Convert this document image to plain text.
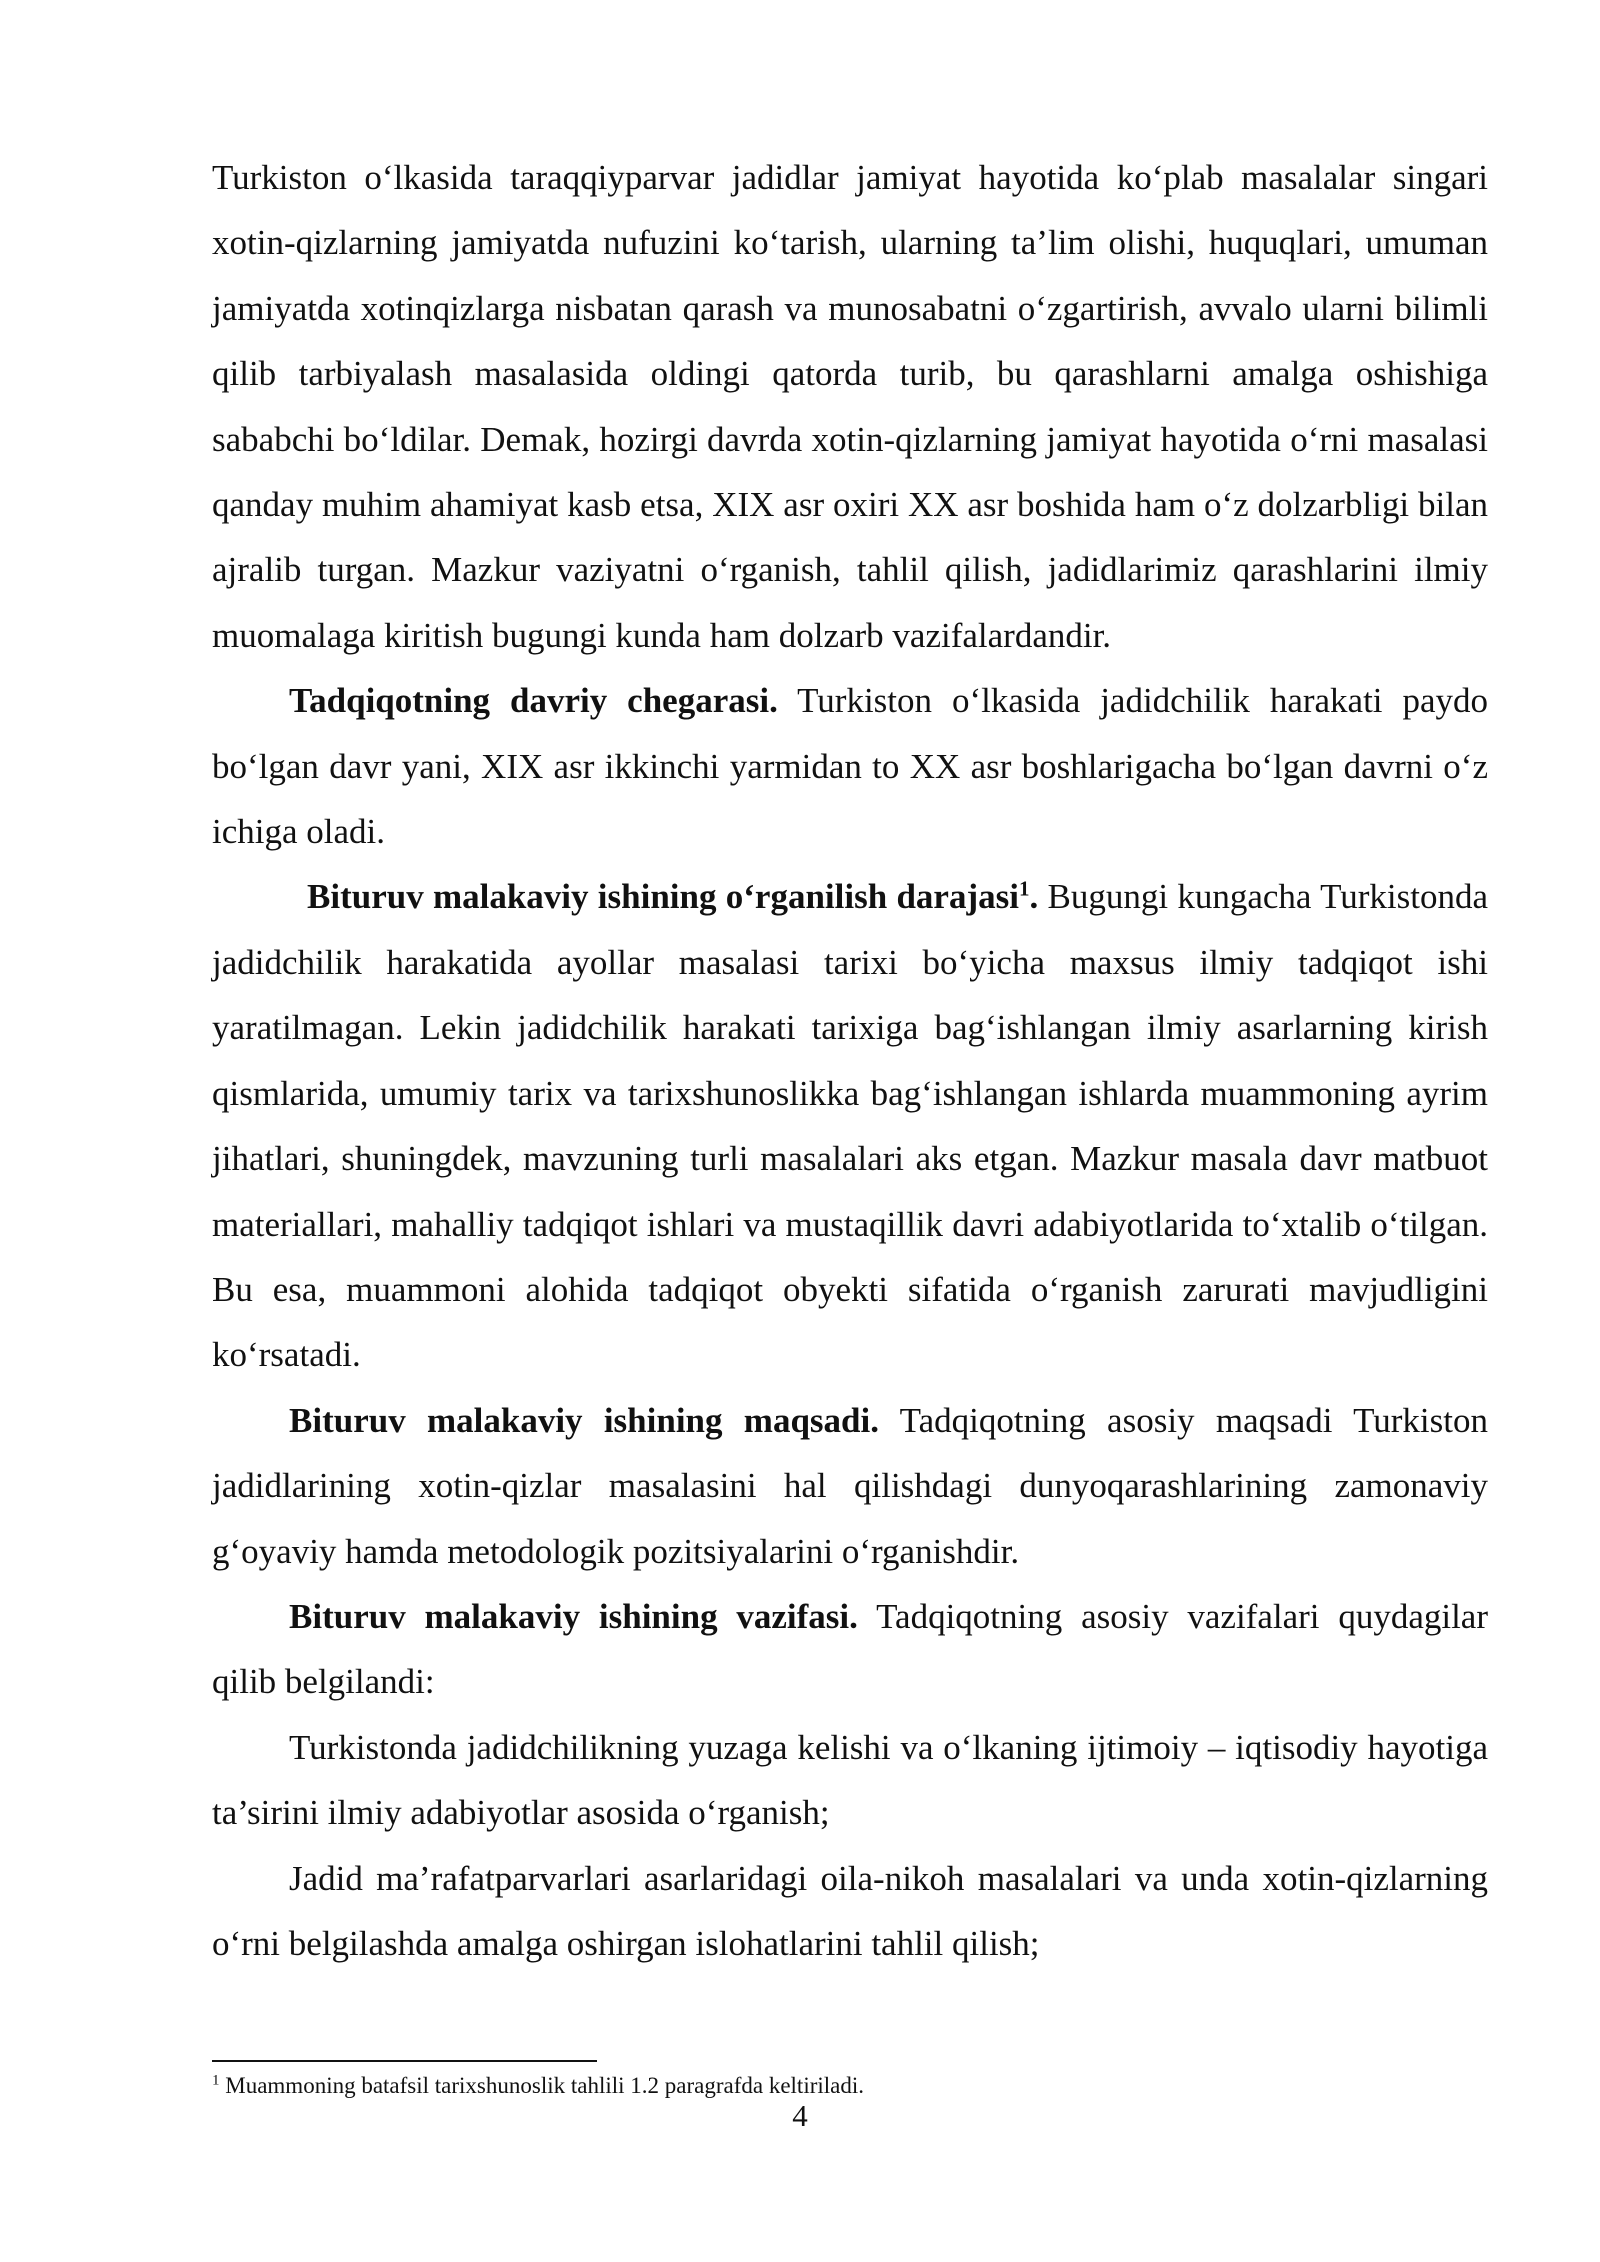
Turkiston o‘lkasida taraqqiyparvar jadidlar jamiyat hayotida ko‘plab masalalar singari xotin-qizlarning jamiyatda nufuzini ko‘tarish, ularning ta’lim olishi, huquqlari, umuman jamiyatda xotinqizlarga nisbatan qarash va munosabatni o‘zgartirish, avvalo ularni bilimli qilib tarbiyalash masalasida oldingi qatorda turib, bu qarashlarni amalga oshishiga sababchi bo‘ldilar. Demak, hozirgi davrda xotin-qizlarning jamiyat hayotida o‘rni masalasi qanday muhim ahamiyat kasb etsa, XIX asr oxiri XX asr boshida ham o‘z dolzarbligi bilan ajralib turgan. Mazkur vaziyatni o‘rganish, tahlil qilish, jadidlarimiz qarashlarini ilmiy muomalaga kiritish bugungi kunda ham dolzarb vazifalardandir.

Tadqiqotning davriy chegarasi. Turkiston o‘lkasida jadidchilik harakati paydo bo‘lgan davr yani, XIX asr ikkinchi yarmidan to XX asr boshlarigacha bo‘lgan davrni o‘z ichiga oladi.

Bituruv malakaviy ishining o‘rganilish darajasi$^1$. Bugungi kungacha Turkistonda jadidchilik harakatida ayollar masalasi tarixi bo‘yicha maxsus ilmiy tadqiqot ishi yaratilmagan. Lekin jadidchilik harakati tarixiga bag‘ishlangan ilmiy asarlarning kirish qismlarida, umumiy tarix va tarixshunoslikka bag‘ishlangan ishlarda muammoning ayrim jihatlari, shuningdek, mavzuning turli masalalari aks etgan. Mazkur masala davr matbuot materiallari, mahalliy tadqiqot ishlari va mustaqillik davri adabiyotlarida to‘xtalib o‘tilgan. Bu esa, muammoni alohida tadqiqot obyekti sifatida o‘rganish zarurati mavjudligini ko‘rsatadi.

Bituruv malakaviy ishining maqsadi. Tadqiqotning asosiy maqsadi Turkiston jadidlarining xotin-qizlar masalasini hal qilishdagi dunyoqarashlarining zamonaviy g‘oyaviy hamda metodologik pozitsiyalarini o‘rganishdir.

Bituruv malakaviy ishining vazifasi. Tadqiqotning asosiy vazifalari quydagilar qilib belgilandi:

Turkistonda jadidchilikning yuzaga kelishi va o‘lkaning ijtimoiy – iqtisodiy hayotiga ta’sirini ilmiy adabiyotlar asosida o‘rganish;

Jadid ma’rafatparvarlari asarlaridagi oila-nikoh masalalari va unda xotin-qizlarning o‘rni belgilashda amalga oshirgan islohatlarini tahlil qilish;

$^1$ Muammoning batafsil tarixshunoslik tahlili 1.2 paragrafda keltiriladi.
4
